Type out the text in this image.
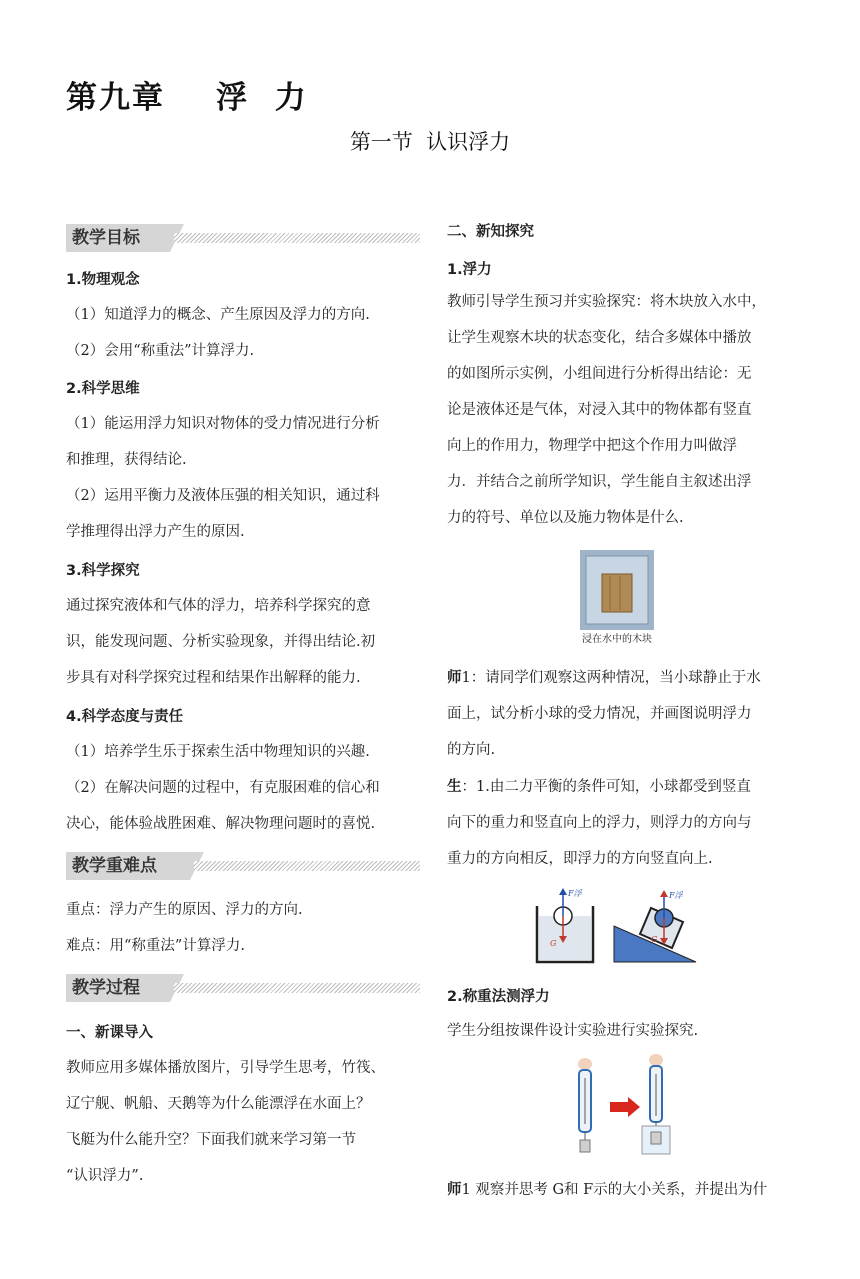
第九章    浮  力
第一节  认识浮力
教学目标
1.物理观念
（1）知道浮力的概念、产生原因及浮力的方向.
（2）会用“称重法”计算浮力.
2.科学思维
（1）能运用浮力知识对物体的受力情况进行分析
和推理，获得结论.
（2）运用平衡力及液体压强的相关知识，通过科
学推理得出浮力产生的原因.
3.科学探究
通过探究液体和气体的浮力，培养科学探究的意
识，能发现问题、分析实验现象，并得出结论.初
步具有对科学探究过程和结果作出解释的能力.
4.科学态度与责任
（1）培养学生乐于探索生活中物理知识的兴趣.
（2）在解决问题的过程中，有克服困难的信心和
决心，能体验战胜困难、解决物理问题时的喜悦.
教学重难点
重点：浮力产生的原因、浮力的方向.
难点：用“称重法”计算浮力.
教学过程
一、新课导入
教师应用多媒体播放图片，引导学生思考，竹筏、
辽宁舰、帆船、天鹅等为什么能漂浮在水面上？
飞艇为什么能升空？下面我们就来学习第一节
“认识浮力”.
二、新知探究
1.浮力
教师引导学生预习并实验探究：将木块放入水中，
让学生观察木块的状态变化，结合多媒体中播放
的如图所示实例，小组间进行分析得出结论：无
论是液体还是气体，对浸入其中的物体都有竖直
向上的作用力，物理学中把这个作用力叫做浮
力．并结合之前所学知识，学生能自主叙述出浮
力的符号、单位以及施力物体是什么.
浸在水中的木块
师1：请同学们观察这两种情况，当小球静止于水
面上，试分析小球的受力情况，并画图说明浮力
的方向.
生：1.由二力平衡的条件可知，小球都受到竖直
向下的重力和竖直向上的浮力，则浮力的方向与
重力的方向相反，即浮力的方向竖直向上.
F浮
G
F浮
G
2.称重法测浮力
学生分组按课件设计实验进行实验探究.
师1 观察并思考 G和 F示的大小关系，并提出为什
